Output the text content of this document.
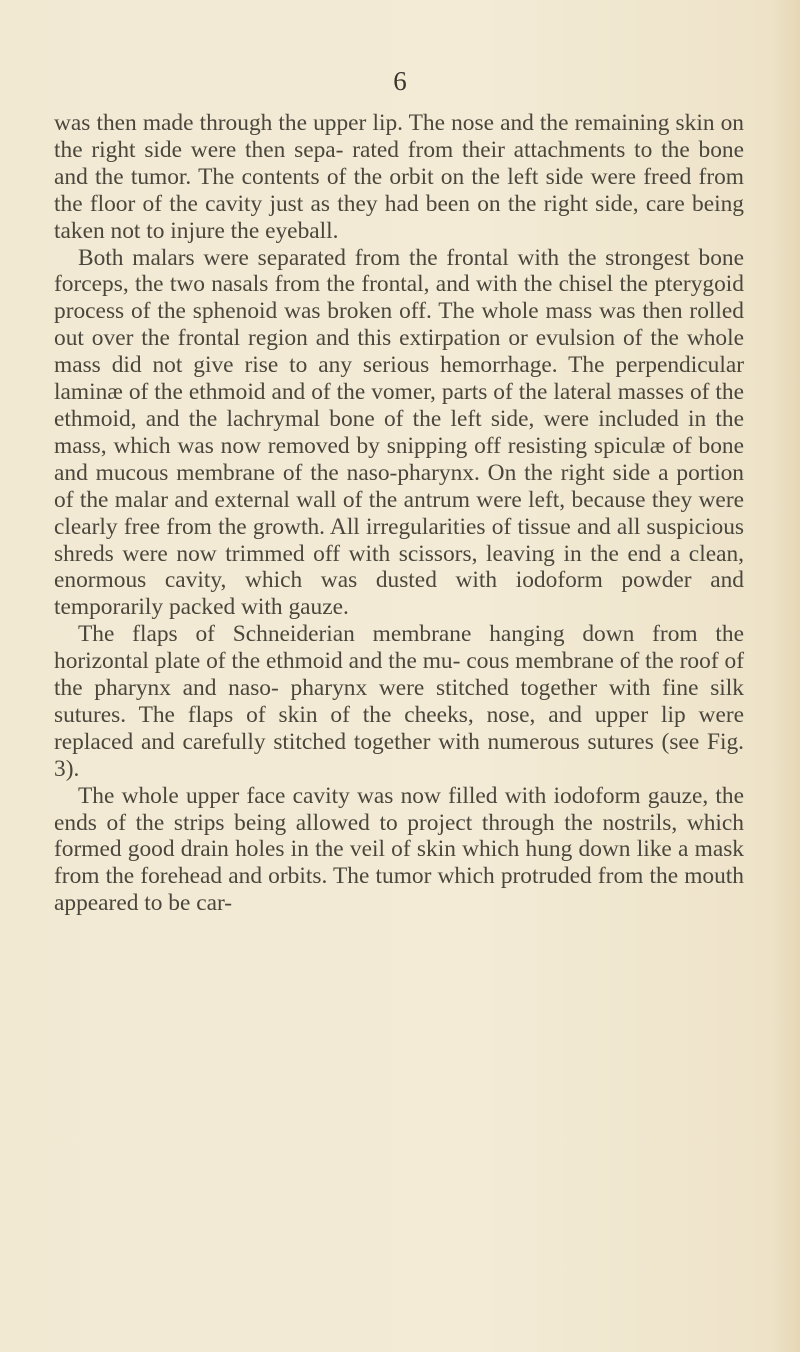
6

was then made through the upper lip. The nose and the remaining skin on the right side were then sepa- rated from their attachments to the bone and the tumor. The contents of the orbit on the left side were freed from the floor of the cavity just as they had been on the right side, care being taken not to injure the eyeball.

Both malars were separated from the frontal with the strongest bone forceps, the two nasals from the frontal, and with the chisel the pterygoid process of the sphenoid was broken off. The whole mass was then rolled out over the frontal region and this extirpation or evulsion of the whole mass did not give rise to any serious hemorrhage. The perpendicular laminæ of the ethmoid and of the vomer, parts of the lateral masses of the ethmoid, and the lachrymal bone of the left side, were included in the mass, which was now removed by snipping off resisting spiculæ of bone and mucous membrane of the naso-pharynx. On the right side a portion of the malar and external wall of the antrum were left, because they were clearly free from the growth. All irregularities of tissue and all suspicious shreds were now trimmed off with scissors, leaving in the end a clean, enormous cavity, which was dusted with iodoform powder and temporarily packed with gauze.

The flaps of Schneiderian membrane hanging down from the horizontal plate of the ethmoid and the mu- cous membrane of the roof of the pharynx and naso- pharynx were stitched together with fine silk sutures. The flaps of skin of the cheeks, nose, and upper lip were replaced and carefully stitched together with numerous sutures (see Fig. 3).

The whole upper face cavity was now filled with iodoform gauze, the ends of the strips being allowed to project through the nostrils, which formed good drain holes in the veil of skin which hung down like a mask from the forehead and orbits. The tumor which protruded from the mouth appeared to be car-
